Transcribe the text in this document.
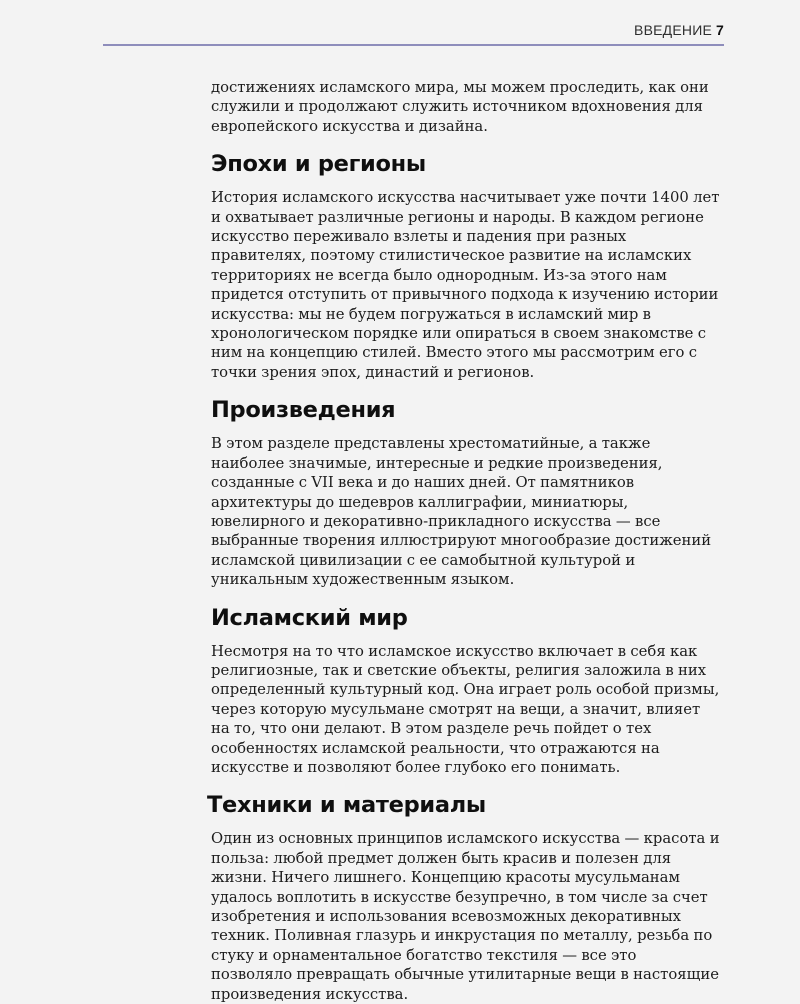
ВВЕДЕНИЕ 7

достижениях исламского мира, мы можем проследить, как они служили и продолжают служить источником вдохновения для европейского искусства и дизайна.

Эпохи и регионы

История исламского искусства насчитывает уже почти 1400 лет и охватывает различные регионы и народы. В каждом регионе искусство переживало взлеты и падения при разных правителях, поэтому стилистическое развитие на исламских территориях не всегда было однородным. Из-за этого нам придется отступить от привычного подхода к изучению истории искусства: мы не будем погружаться в исламский мир в хронологическом порядке или опираться в своем знакомстве с ним на концепцию стилей. Вместо этого мы рассмотрим его с точки зрения эпох, династий и регионов.

Произведения

В этом разделе представлены хрестоматийные, а также наиболее значимые, интересные и редкие произведения, созданные с VII века и до наших дней. От памятников архитектуры до шедевров каллиграфии, миниатюры, ювелирного и декоративно-прикладного искусства — все выбранные творения иллюстрируют многообразие достижений исламской цивилизации с ее самобытной культурой и уникальным художественным языком.

Исламский мир

Несмотря на то что исламское искусство включает в себя как религиозные, так и светские объекты, религия заложила в них определенный культурный код. Она играет роль особой призмы, через которую мусульмане смотрят на вещи, а значит, влияет на то, что они делают. В этом разделе речь пойдет о тех особенностях исламской реальности, что отражаются на искусстве и позволяют более глубоко его понимать.

Техники и материалы

Один из основных принципов исламского искусства — красота и польза: любой предмет должен быть красив и полезен для жизни. Ничего лишнего. Концепцию красоты мусульманам удалось воплотить в искусстве безупречно, в том числе за счет изобретения и использования всевозможных декоративных техник. Поливная глазурь и инкрустация по металлу, резьба по стуку и орнаментальное богатство текстиля — все это позволяло превращать обычные утилитарные вещи в настоящие произведения искусства.
